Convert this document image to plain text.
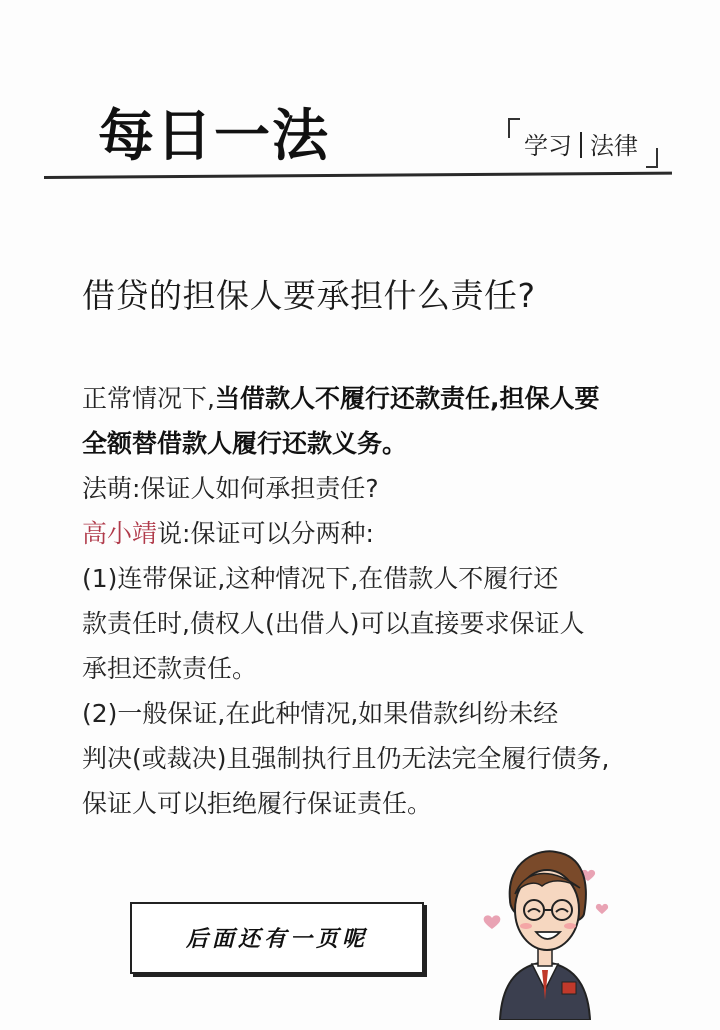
每日一法	学习 法律
借贷的担保人要承担什么责任?

正常情况下,当借款人不履行还款责任,担保人要

全额替借款人履行还款义务。

法萌:保证人如何承担责任?

高小靖说:保证可以分两种:

(1)连带保证,这种情况下,在借款人不履行还

款责任时,债权人(出借人)可以直接要求保证人

承担还款责任。

(2)一般保证,在此种情况,如果借款纠纷未经

判决(或裁决)且强制执行且仍无法完全履行债务,

保证人可以拒绝履行保证责任。

后面还有一页呢
